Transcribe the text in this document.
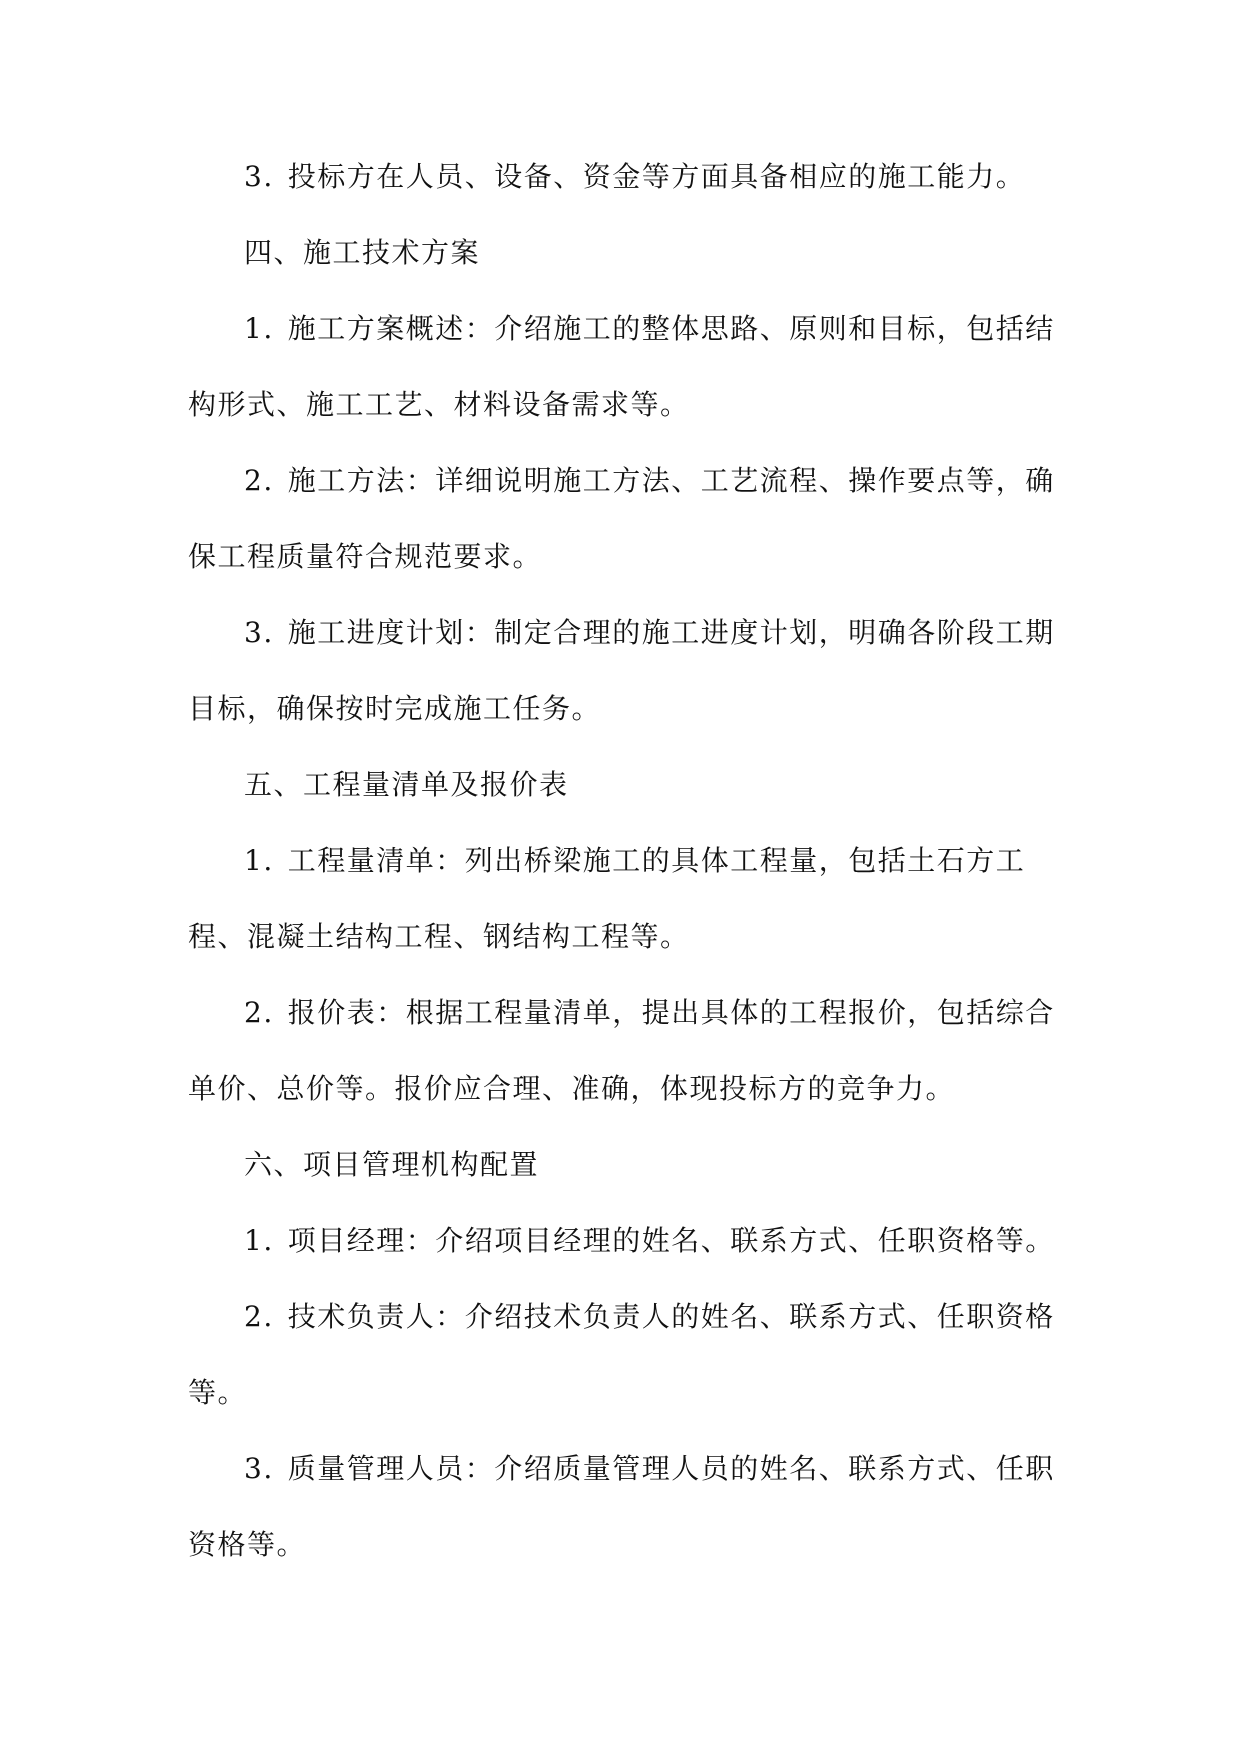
3. 投标方在人员、设备、资金等方面具备相应的施工能力。

四、施工技术方案

1. 施工方案概述：介绍施工的整体思路、原则和目标，包括结构形式、施工工艺、材料设备需求等。

2. 施工方法：详细说明施工方法、工艺流程、操作要点等，确保工程质量符合规范要求。

3. 施工进度计划：制定合理的施工进度计划，明确各阶段工期目标，确保按时完成施工任务。

五、工程量清单及报价表

1. 工程量清单：列出桥梁施工的具体工程量，包括土石方工程、混凝土结构工程、钢结构工程等。

2. 报价表：根据工程量清单，提出具体的工程报价，包括综合单价、总价等。报价应合理、准确，体现投标方的竞争力。

六、项目管理机构配置

1. 项目经理：介绍项目经理的姓名、联系方式、任职资格等。

2. 技术负责人：介绍技术负责人的姓名、联系方式、任职资格等。

3. 质量管理人员：介绍质量管理人员的姓名、联系方式、任职资格等。
